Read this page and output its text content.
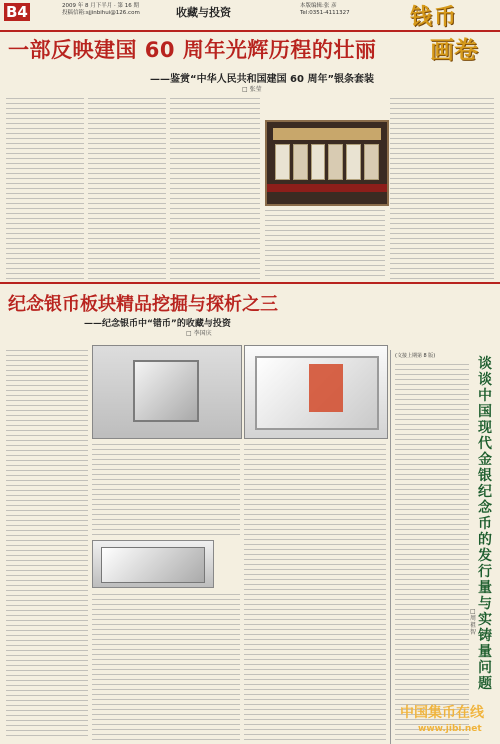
B4	2009 年 8 月下半月 · 第 16 期
投稿信箱:sjjinbihui@126.com	收藏与投资	本版编辑:张 彦
Tel:0351-4111327	钱币
一部反映建国 60 周年光辉历程的壮丽 画卷
——鉴赏“中华人民共和国建国 60 周年”银条套装
□ 张莹
纪念银币板块精品挖掘与探析之三
——纪念银币中“错币”的收藏与投资
□ 李国庆
(文接上期第 8 版)	谈谈中国现代金银纪念币的发行量与实铸量问题
□ 周祖智
中国集币在线
www.jibi.net
